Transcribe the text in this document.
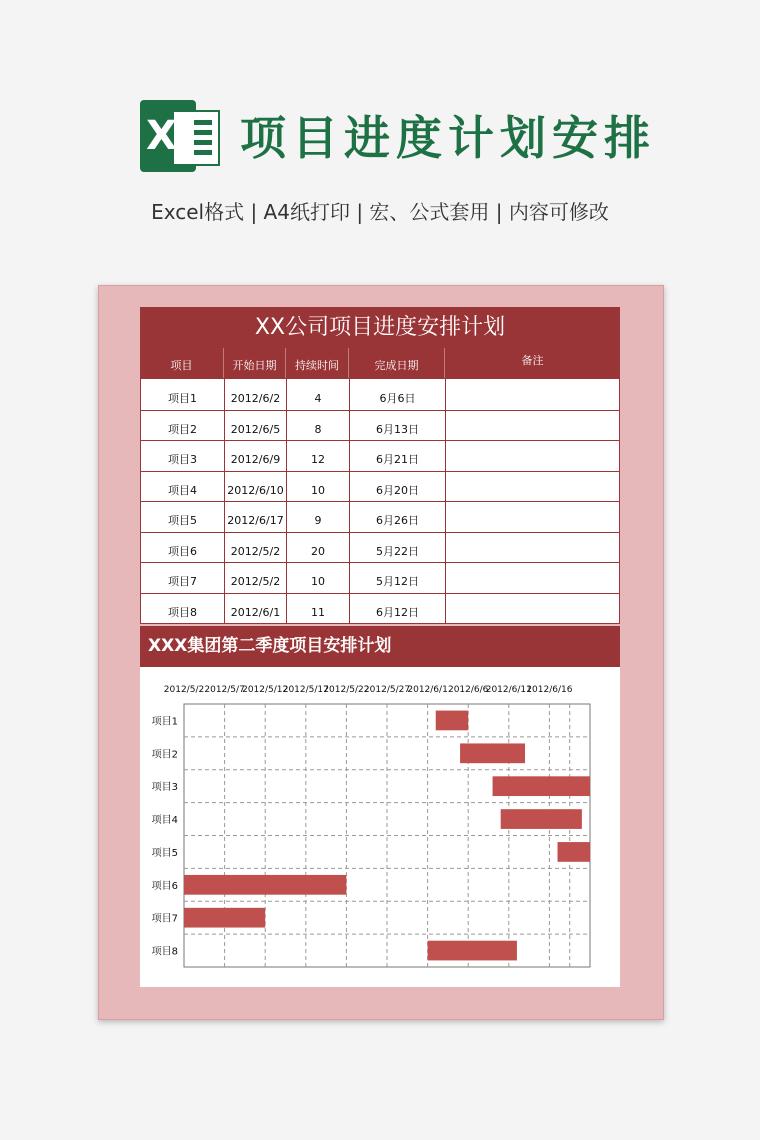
X 项目进度计划安排
Excel格式 | A4纸打印 | 宏、公式套用 | 内容可修改
XX公司项目进度安排计划
项目	开始日期	持续时间	完成日期	备注
项目1	2012/6/2	4	6月6日
项目2	2012/6/5	8	6月13日
项目3	2012/6/9	12	6月21日
项目4	2012/6/10	10	6月20日
项目5	2012/6/17	9	6月26日
项目6	2012/5/2	20	5月22日
项目7	2012/5/2	10	5月12日
项目8	2012/6/1	11	6月12日
XXX集团第二季度项目安排计划
2012/5/2 2012/5/7
2012/5/12
2012/5/17
2012/5/22
2012/5/27
2012/6/1 2012/6/6
2012/6/11
2012/6/16
项目1
项目2
项目3
项目4
项目5
项目6
项目7
项目8
